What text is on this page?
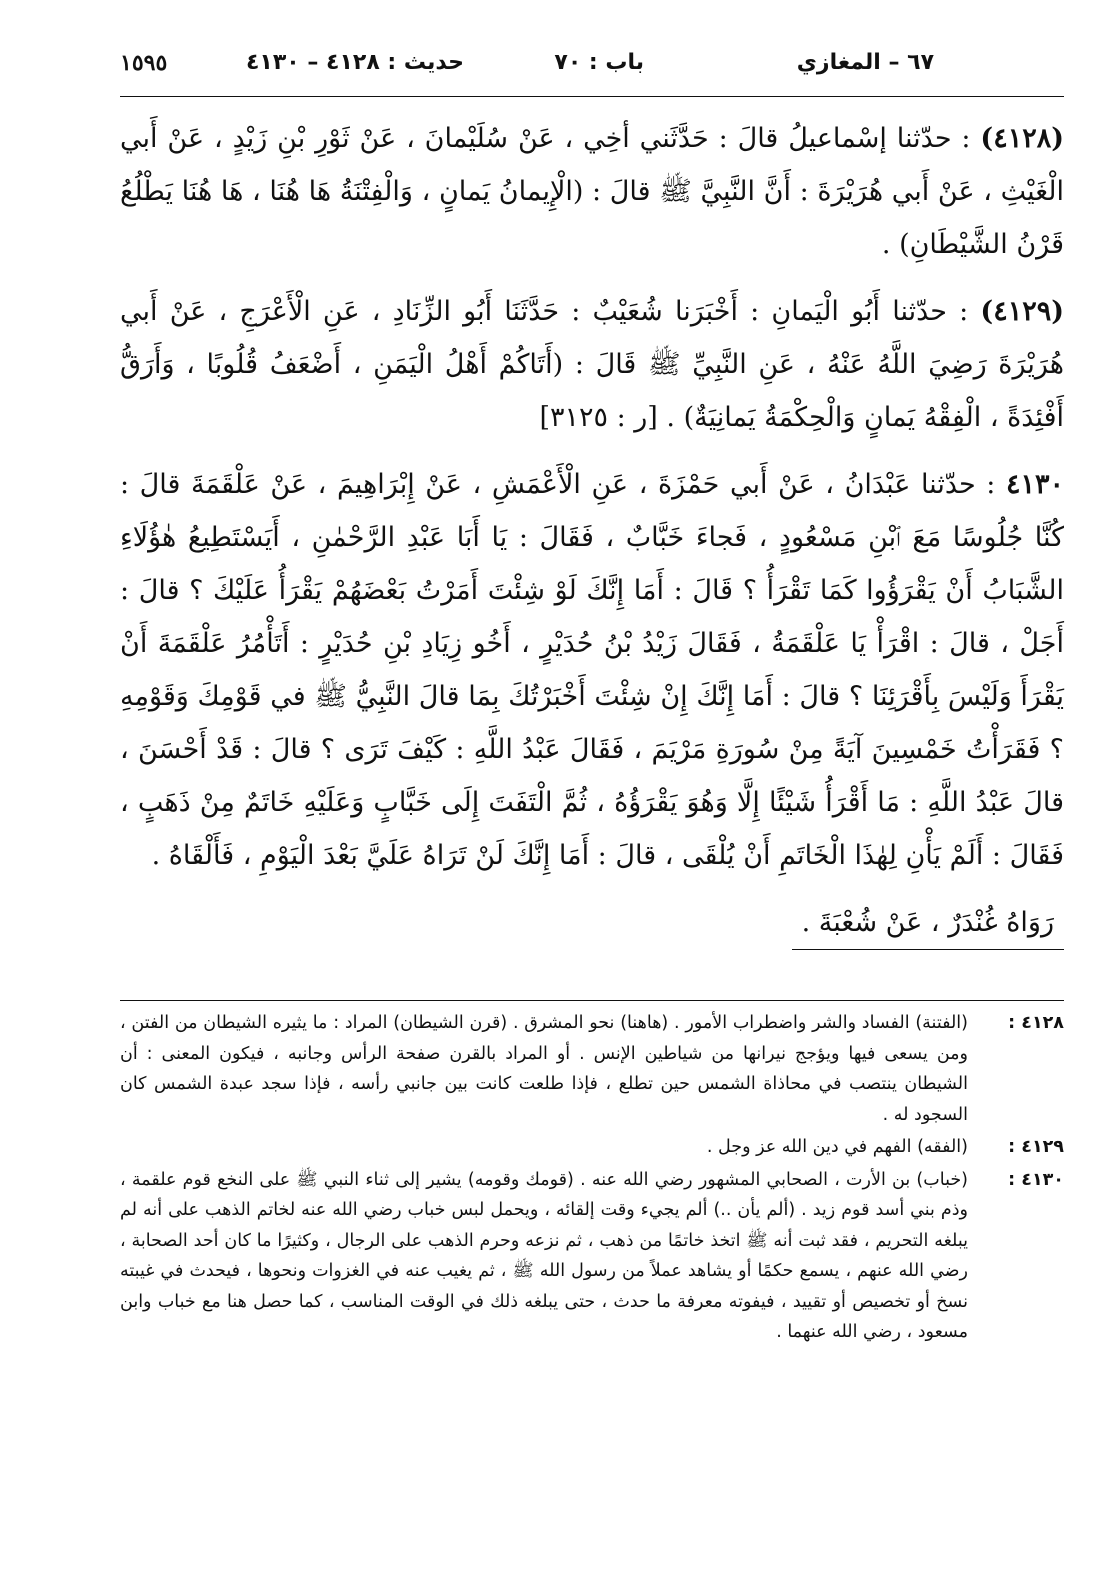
٦٧ – المغازي
باب : ٧٠
حديث : ٤١٢٨ – ٤١٣٠
١٥٩٥

(٤١٢٨) : حدّثنا إسْماعيلُ قالَ : حَدَّثَني أخِي ، عَنْ سُلَيْمانَ ، عَنْ ثَوْرِ بْنِ زَيْدٍ ، عَنْ أَبي الْغَيْثِ ، عَنْ أَبي هُرَيْرَةَ : أَنَّ النَّبِيَّ ﷺ قالَ : (الْإِيمانُ يَمانٍ ، وَالْفِتْنَةُ هَا هُنَا ، هَا هُنَا يَطْلُعُ قَرْنُ الشَّيْطَانِ) .

(٤١٢٩) : حدّثنا أَبُو الْيَمانِ : أَخْبَرَنا شُعَيْبٌ : حَدَّثَنَا أَبُو الزِّنَادِ ، عَنِ الْأَعْرَجِ ، عَنْ أَبي هُرَيْرَةَ رَضِيَ اللَّهُ عَنْهُ ، عَنِ النَّبِيِّ ﷺ قَالَ : (أَتَاكُمْ أَهْلُ الْيَمَنِ ، أَضْعَفُ قُلُوبًا ، وَأَرَقُّ أَفْئِدَةً ، الْفِقْهُ يَمانٍ وَالْحِكْمَةُ يَمانِيَةٌ) . [ر : ٣١٢٥]

٤١٣٠ : حدّثنا عَبْدَانُ ، عَنْ أَبي حَمْزَةَ ، عَنِ الْأَعْمَشِ ، عَنْ إِبْرَاهِيمَ ، عَنْ عَلْقَمَةَ قالَ : كُنَّا جُلُوسًا مَعَ ٱبْنِ مَسْعُودٍ ، فَجاءَ خَبَّابٌ ، فَقَالَ : يَا أَبَا عَبْدِ الرَّحْمٰنِ ، أَيَسْتَطِيعُ هٰؤُلَاءِ الشَّبَابُ أَنْ يَقْرَؤُوا كَمَا تَقْرَأُ ؟ قَالَ : أَمَا إِنَّكَ لَوْ شِئْتَ أَمَرْتُ بَعْضَهُمْ يَقْرَأُ عَلَيْكَ ؟ قالَ : أَجَلْ ، قالَ : اقْرَأْ يَا عَلْقَمَةُ ، فَقَالَ زَيْدُ بْنُ حُدَيْرٍ ، أَخُو زِيَادِ بْنِ حُدَيْرٍ : أَتَأْمُرُ عَلْقَمَةَ أَنْ يَقْرَأَ وَلَيْسَ بِأَقْرَئِنَا ؟ قالَ : أَمَا إِنَّكَ إِنْ شِئْتَ أَخْبَرْتُكَ بِمَا قالَ النَّبِيُّ ﷺ في قَوْمِكَ وَقَوْمِهِ ؟ فَقَرَأْتُ خَمْسِينَ آيَةً مِنْ سُورَةِ مَرْيَمَ ، فَقَالَ عَبْدُ اللَّهِ : كَيْفَ تَرَى ؟ قالَ : قَدْ أَحْسَنَ ، قالَ عَبْدُ اللَّهِ : مَا أَقْرَأُ شَيْئًا إِلَّا وَهُوَ يَقْرَؤُهُ ، ثُمَّ الْتَفَتَ إِلَى خَبَّابٍ وَعَلَيْهِ خَاتَمٌ مِنْ ذَهَبٍ ، فَقَالَ : أَلَمْ يَأْنِ لِهٰذَا الْخَاتَمِ أَنْ يُلْقَى ، قالَ : أَمَا إِنَّكَ لَنْ تَرَاهُ عَلَيَّ بَعْدَ الْيَوْمِ ، فَأَلْقَاهُ .

رَوَاهُ غُنْدَرٌ ، عَنْ شُعْبَةَ .
٤١٢٨ :
(الفتنة) الفساد والشر واضطراب الأمور . (هاهنا) نحو المشرق . (قرن الشيطان) المراد : ما يثيره الشيطان من الفتن ، ومن يسعى فيها ويؤجج نيرانها من شياطين الإنس . أو المراد بالقرن صفحة الرأس وجانبه ، فيكون المعنى : أن الشيطان ينتصب في محاذاة الشمس حين تطلع ، فإذا طلعت كانت بين جانبي رأسه ، فإذا سجد عبدة الشمس كان السجود له .
٤١٢٩ :
(الفقه) الفهم في دين الله عز وجل .
٤١٣٠ :
(خباب) بن الأرت ، الصحابي المشهور رضي الله عنه . (قومك وقومه) يشير إلى ثناء النبي ﷺ على النخع قوم علقمة ، وذم بني أسد قوم زيد . (ألم يأن ..) ألم يجيء وقت إلقائه ، ويحمل لبس خباب رضي الله عنه لخاتم الذهب على أنه لم يبلغه التحريم ، فقد ثبت أنه ﷺ اتخذ خاتمًا من ذهب ، ثم نزعه وحرم الذهب على الرجال ، وكثيرًا ما كان أحد الصحابة ، رضي الله عنهم ، يسمع حكمًا أو يشاهد عملاً من رسول الله ﷺ ، ثم يغيب عنه في الغزوات ونحوها ، فيحدث في غيبته نسخ أو تخصيص أو تقييد ، فيفوته معرفة ما حدث ، حتى يبلغه ذلك في الوقت المناسب ، كما حصل هنا مع خباب وابن مسعود ، رضي الله عنهما .
